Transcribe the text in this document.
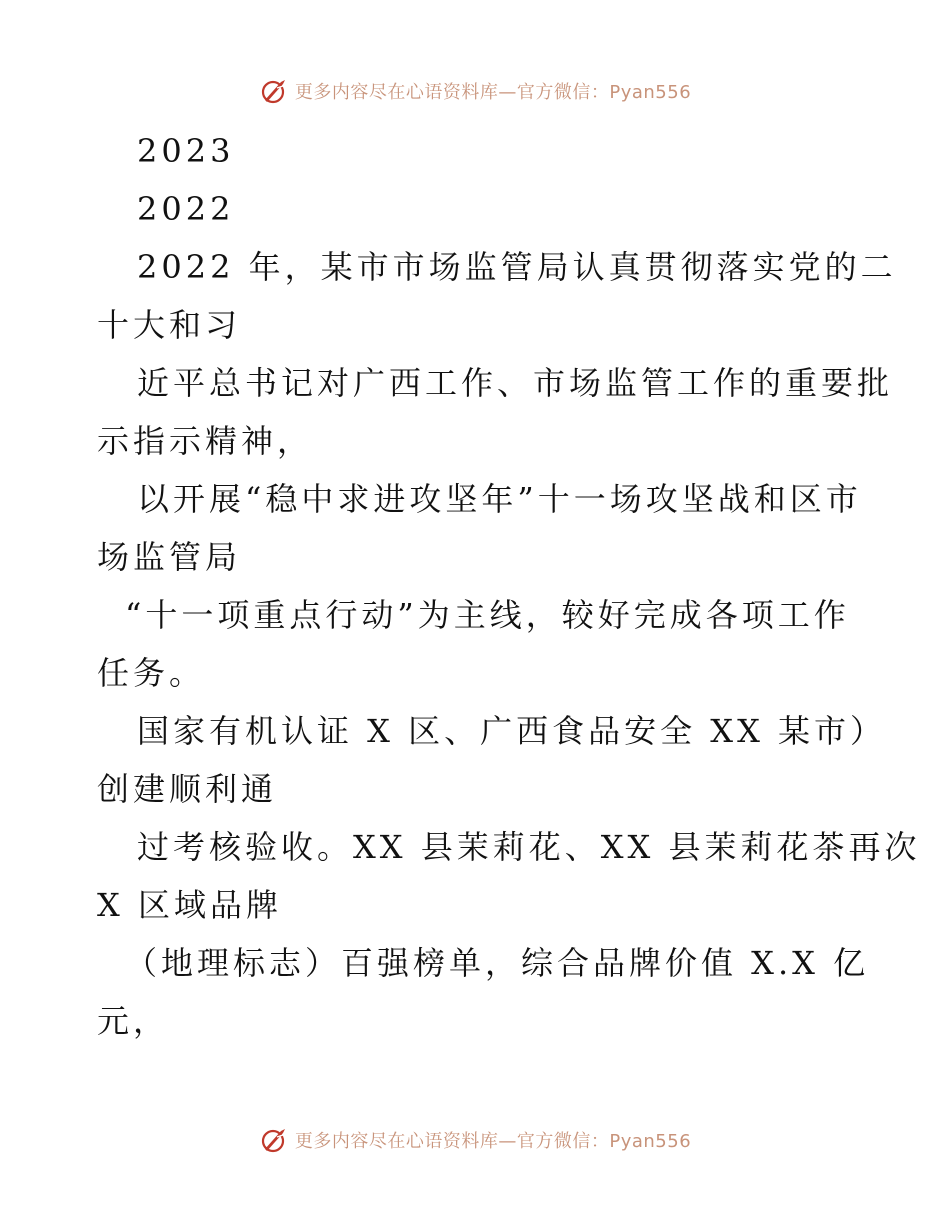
更多内容尽在心语资料库—官方微信：Pyan556
2023
2022
2022 年，某市市场监管局认真贯彻落实党的二
十大和习
近平总书记对广西工作、市场监管工作的重要批
示指示精神，
以开展“稳中求进攻坚年”十一场攻坚战和区市
场监管局
“十一项重点行动”为主线，较好完成各项工作
任务。
国家有机认证 X 区、广西食品安全 XX 某市）
创建顺利通
过考核验收。XX 县茉莉花、XX 县茉莉花茶再次
X 区域品牌
（地理标志）百强榜单，综合品牌价值 X.X 亿
元，
更多内容尽在心语资料库—官方微信：Pyan556
